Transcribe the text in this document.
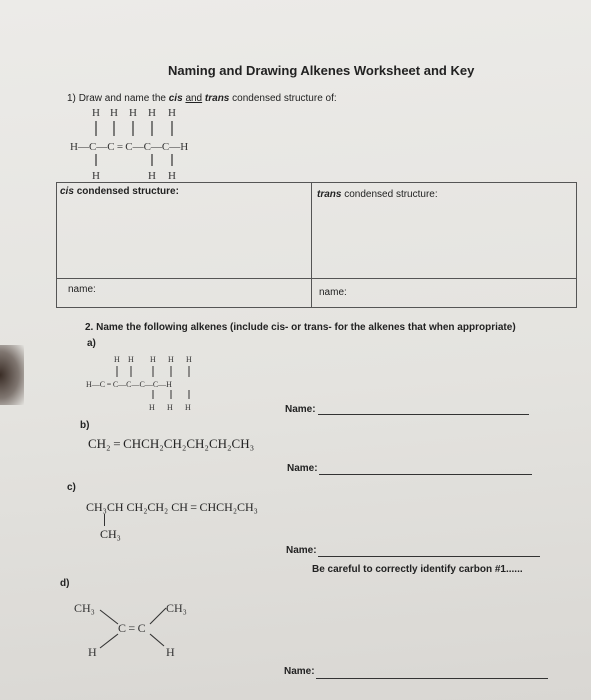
Naming and Drawing Alkenes Worksheet and Key
1) Draw and name the cis and trans condensed structure of:
H H H H H
H—C—C = C—C—C—H
H	H H
cis condensed structure:	trans condensed structure:
name:	name:
2. Name the following alkenes (include cis- or trans- for the alkenes that when appropriate)
a)
H H H H H
H—C = C—C—C—C—H
H H H	Name:
b)
CH₂ = CHCH₂CH₂CH₂CH₂CH₃
Name:
c)
CH₃CH CH₂CH₂ CH = CHCH₂CH₃
CH₃
Name:
Be careful to correctly identify carbon #1......
d)
CH₃	CH₃
C = C
H	H
Name:
